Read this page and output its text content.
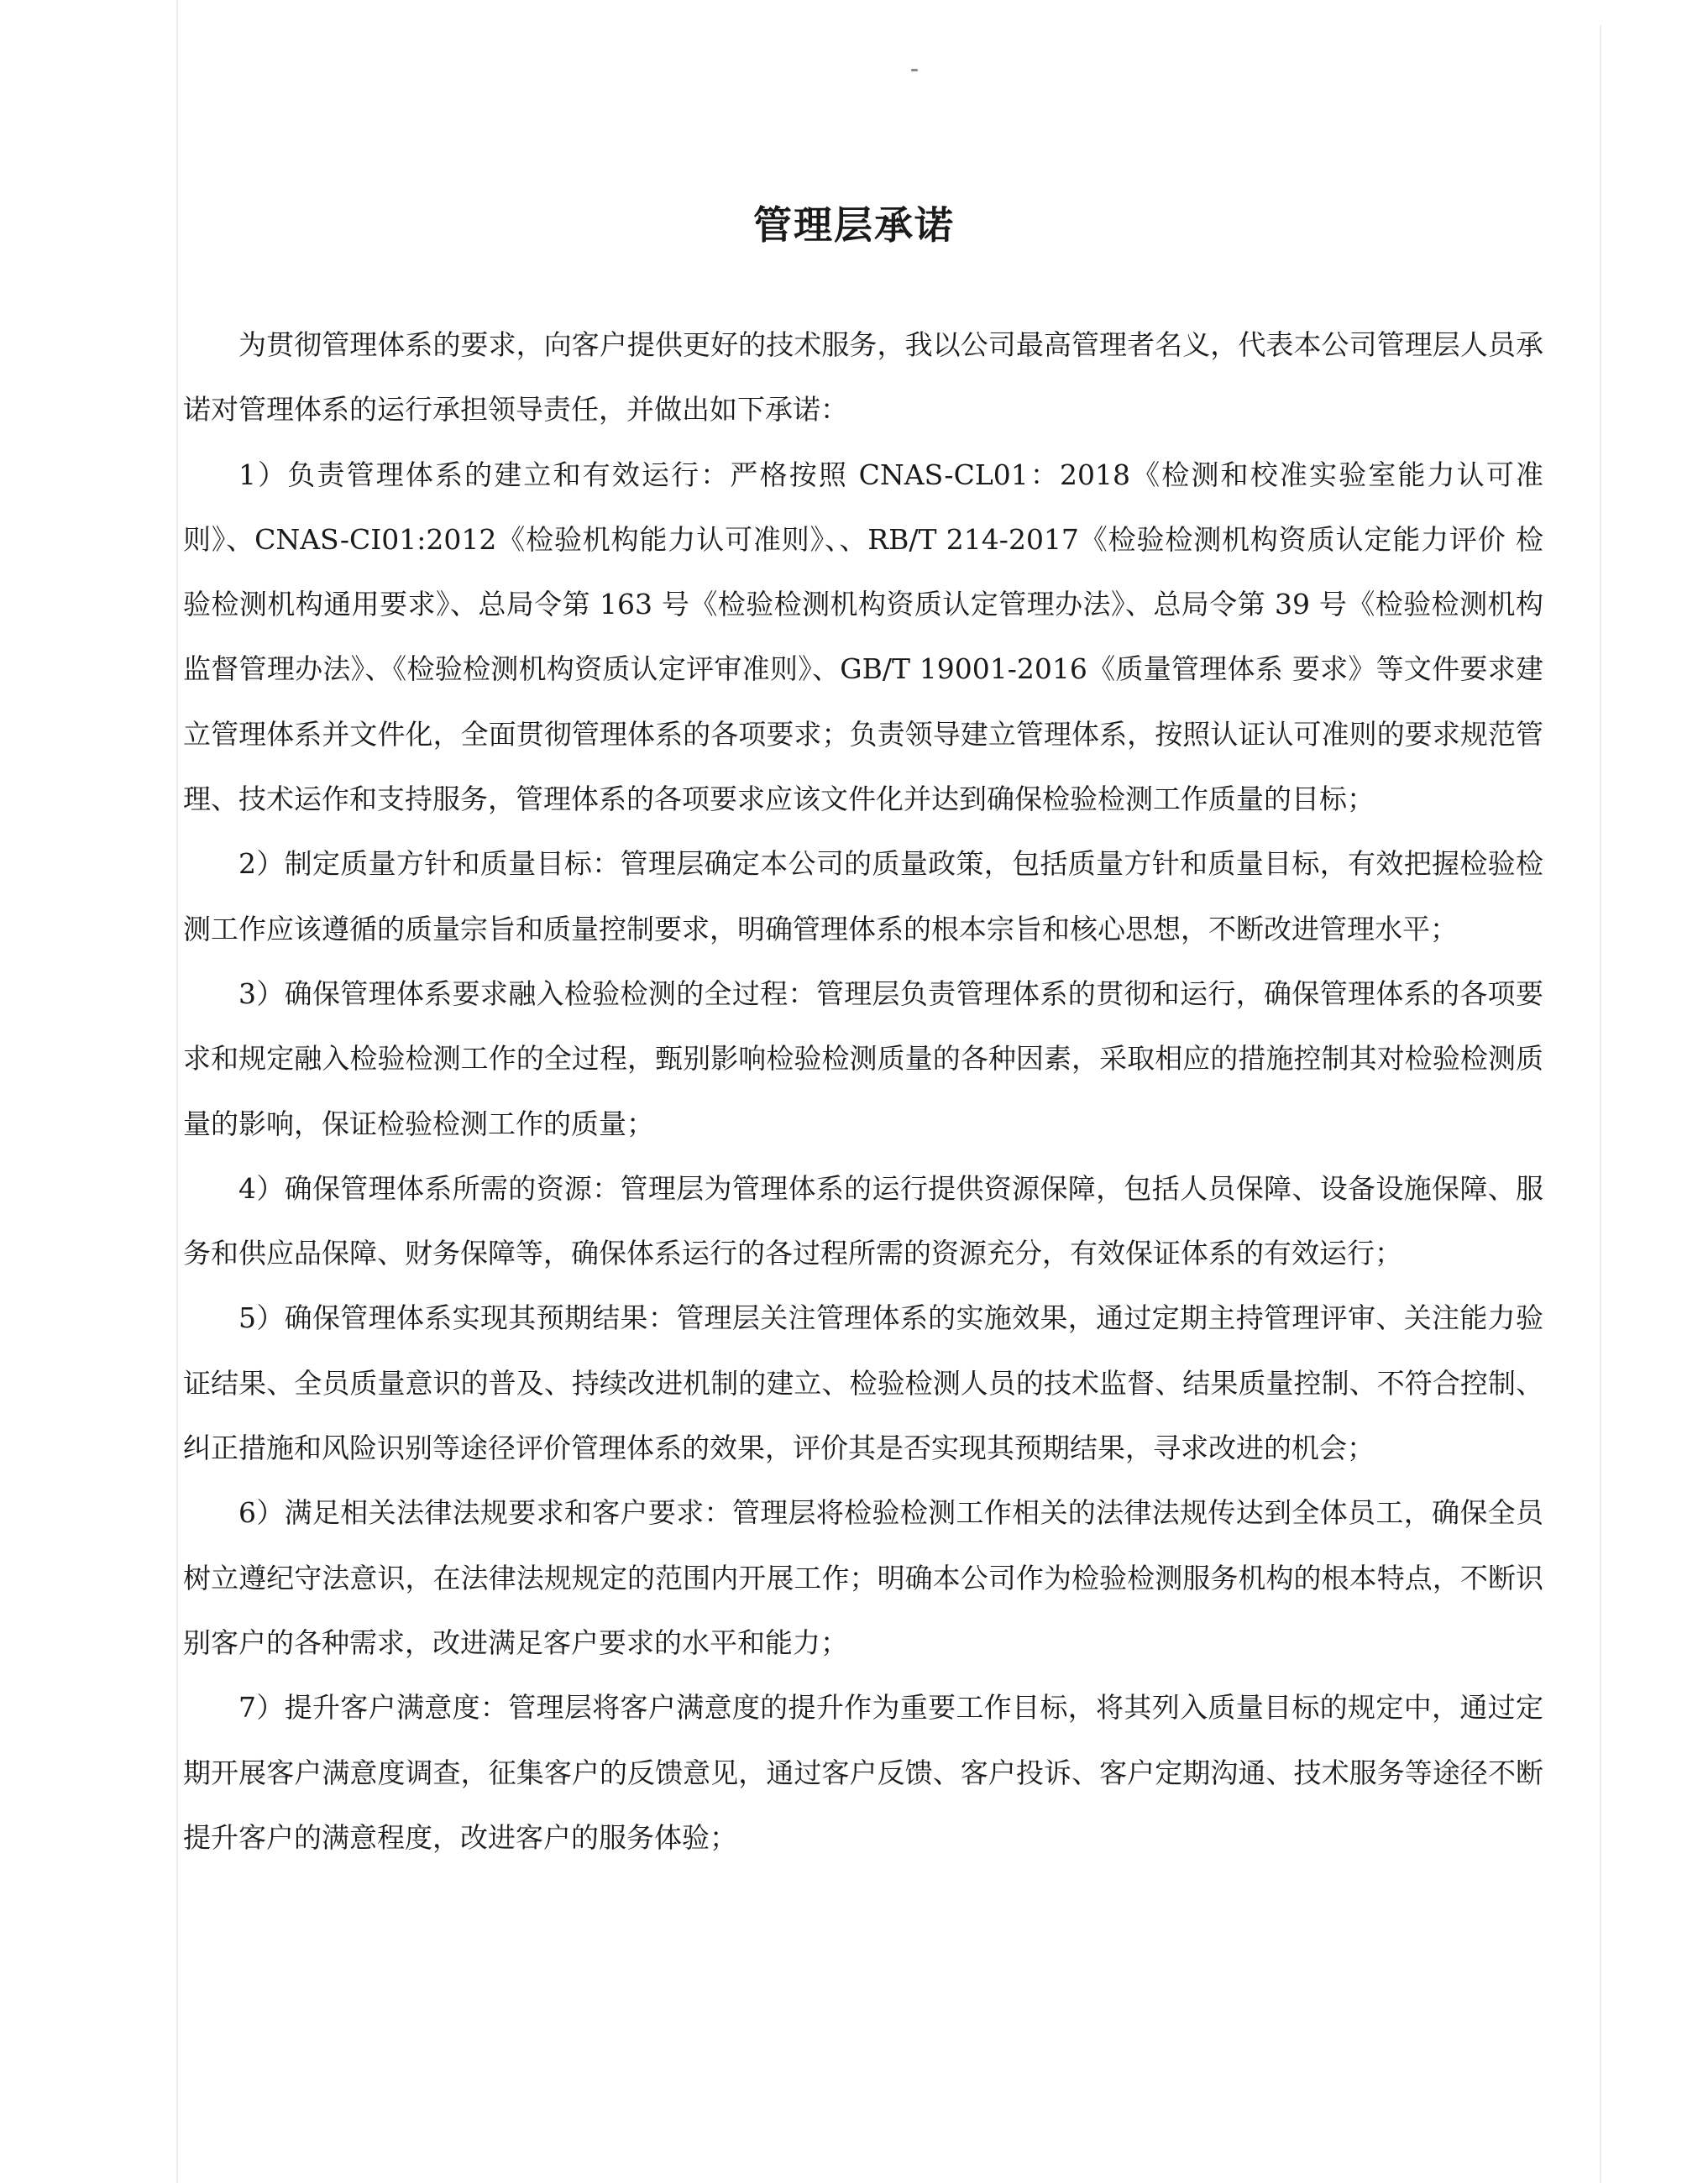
管理层承诺

为贯彻管理体系的要求，向客户提供更好的技术服务，我以公司最高管理者名义，代表本公司管理层人员承诺对管理体系的运行承担领导责任，并做出如下承诺：

1）负责管理体系的建立和有效运行：严格按照 CNAS-CL01：2018《检测和校准实验室能力认可准则》、CNAS-CI01:2012《检验机构能力认可准则》、、RB/T 214-2017《检验检测机构资质认定能力评价 检验检测机构通用要求》、总局令第 163 号《检验检测机构资质认定管理办法》、总局令第 39 号《检验检测机构监督管理办法》、《检验检测机构资质认定评审准则》、GB/T 19001-2016《质量管理体系 要求》等文件要求建立管理体系并文件化，全面贯彻管理体系的各项要求；负责领导建立管理体系，按照认证认可准则的要求规范管理、技术运作和支持服务，管理体系的各项要求应该文件化并达到确保检验检测工作质量的目标；

2）制定质量方针和质量目标：管理层确定本公司的质量政策，包括质量方针和质量目标，有效把握检验检测工作应该遵循的质量宗旨和质量控制要求，明确管理体系的根本宗旨和核心思想，不断改进管理水平；

3）确保管理体系要求融入检验检测的全过程：管理层负责管理体系的贯彻和运行，确保管理体系的各项要求和规定融入检验检测工作的全过程，甄别影响检验检测质量的各种因素，采取相应的措施控制其对检验检测质量的影响，保证检验检测工作的质量；

4）确保管理体系所需的资源：管理层为管理体系的运行提供资源保障，包括人员保障、设备设施保障、服务和供应品保障、财务保障等，确保体系运行的各过程所需的资源充分，有效保证体系的有效运行；

5）确保管理体系实现其预期结果：管理层关注管理体系的实施效果，通过定期主持管理评审、关注能力验证结果、全员质量意识的普及、持续改进机制的建立、检验检测人员的技术监督、结果质量控制、不符合控制、纠正措施和风险识别等途径评价管理体系的效果，评价其是否实现其预期结果，寻求改进的机会；

6）满足相关法律法规要求和客户要求：管理层将检验检测工作相关的法律法规传达到全体员工，确保全员树立遵纪守法意识，在法律法规规定的范围内开展工作；明确本公司作为检验检测服务机构的根本特点，不断识别客户的各种需求，改进满足客户要求的水平和能力；

7）提升客户满意度：管理层将客户满意度的提升作为重要工作目标，将其列入质量目标的规定中，通过定期开展客户满意度调查，征集客户的反馈意见，通过客户反馈、客户投诉、客户定期沟通、技术服务等途径不断提升客户的满意程度，改进客户的服务体验；
